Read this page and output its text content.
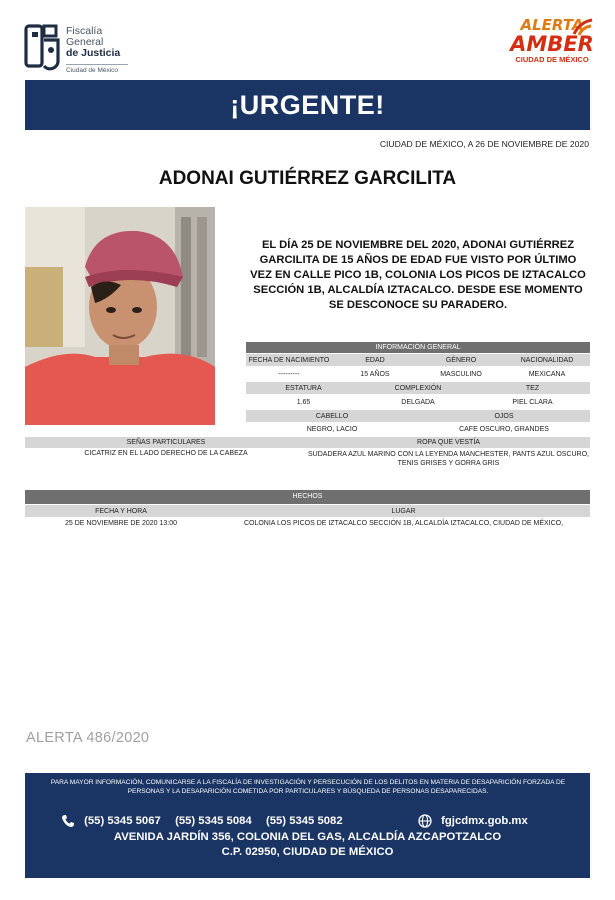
Fiscalía
General
de Justicia
Ciudad de México
ALERTA
AMBER
CIUDAD DE MÉXICO
¡URGENTE!
CIUDAD DE MÉXICO, A 26 DE NOVIEMBRE DE 2020
ADONAI GUTIÉRREZ GARCILITA
EL DÍA 25 DE NOVIEMBRE DEL 2020, ADONAI GUTIÉRREZ GARCILITA DE 15 AÑOS DE EDAD FUE VISTO POR ÚLTIMO VEZ EN CALLE PICO 1B, COLONIA LOS PICOS DE IZTACALCO SECCIÓN 1B, ALCALDÍA IZTACALCO. DESDE ESE MOMENTO SE DESCONOCE SU PARADERO.
INFORMACIÓN GENERAL
FECHA DE NACIMIENTO	EDAD	GÉNERO	NACIONALIDAD
---------	15 AÑOS	MASCULINO	MEXICANA
ESTATURA	COMPLEXIÓN	TEZ
1.65	DELGADA	PIEL CLARA
CABELLO	OJOS
NEGRO, LACIO	CAFE OSCURO, GRANDES
SEÑAS PARTICULARES	ROPA QUE VESTÍA
CICATRIZ EN EL LADO DERECHO DE LA CABEZA	SUDADERA AZUL MARINO CON LA LEYENDA MANCHESTER, PANTS AZUL OSCURO,
TENIS GRISES Y GORRA GRIS
HECHOS
FECHA Y HORA	LUGAR
25 DE NOVIEMBRE DE 2020 13:00	COLONIA LOS PICOS DE IZTACALCO SECCIÓN 1B, ALCALDÍA IZTACALCO, CIUDAD DE MÉXICO,
ALERTA 486/2020
PARA MAYOR INFORMACIÓN, COMUNICARSE A LA FISCALÍA DE INVESTIGACIÓN Y PERSECUCIÓN DE LOS DELITOS EN MATERIA DE DESAPARICIÓN FORZADA DE PERSONAS Y LA DESAPARICIÓN COMETIDA POR PARTICULARES Y BÚSQUEDA DE PERSONAS DESAPARECIDAS.
(55) 5345 5067 (55) 5345 5084 (55) 5345 5082	fgjcdmx.gob.mx
AVENIDA JARDÍN 356, COLONIA DEL GAS, ALCALDÍA AZCAPOTZALCO
C.P. 02950, CIUDAD DE MÉXICO
